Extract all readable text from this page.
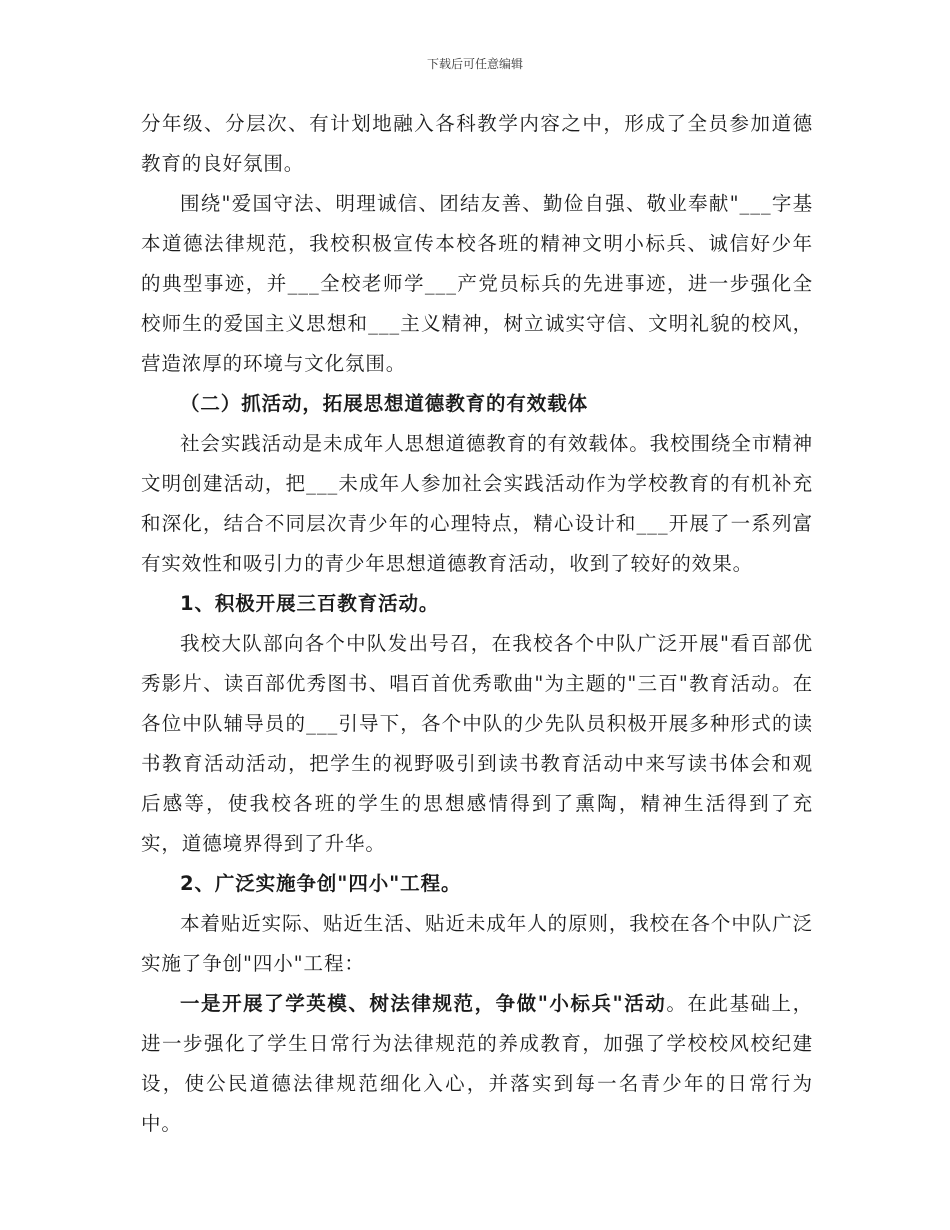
下载后可任意编辑

分年级、分层次、有计划地融入各科教学内容之中，形成了全员参加道德教育的良好氛围。

围绕"爱国守法、明理诚信、团结友善、勤俭自强、敬业奉献"___字基本道德法律规范，我校积极宣传本校各班的精神文明小标兵、诚信好少年的典型事迹，并___全校老师学___产党员标兵的先进事迹，进一步强化全校师生的爱国主义思想和___主义精神，树立诚实守信、文明礼貌的校风，营造浓厚的环境与文化氛围。

（二）抓活动，拓展思想道德教育的有效载体

社会实践活动是未成年人思想道德教育的有效载体。我校围绕全市精神文明创建活动，把___未成年人参加社会实践活动作为学校教育的有机补充和深化，结合不同层次青少年的心理特点，精心设计和___开展了一系列富有实效性和吸引力的青少年思想道德教育活动，收到了较好的效果。

1、积极开展三百教育活动。

我校大队部向各个中队发出号召，在我校各个中队广泛开展"看百部优秀影片、读百部优秀图书、唱百首优秀歌曲"为主题的"三百"教育活动。在各位中队辅导员的___引导下，各个中队的少先队员积极开展多种形式的读书教育活动活动，把学生的视野吸引到读书教育活动中来写读书体会和观后感等，使我校各班的学生的思想感情得到了熏陶，精神生活得到了充实，道德境界得到了升华。

2、广泛实施争创"四小"工程。

本着贴近实际、贴近生活、贴近未成年人的原则，我校在各个中队广泛实施了争创"四小"工程：

一是开展了学英模、树法律规范，争做"小标兵"活动。在此基础上，进一步强化了学生日常行为法律规范的养成教育，加强了学校校风校纪建设，使公民道德法律规范细化入心，并落实到每一名青少年的日常行为中。
